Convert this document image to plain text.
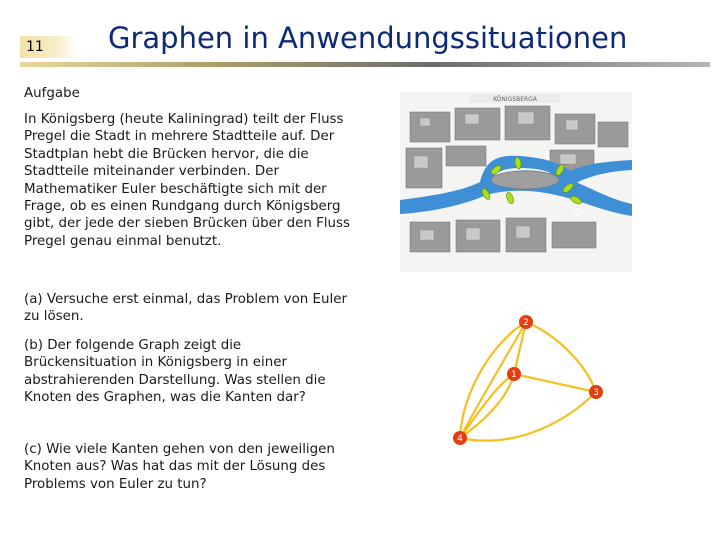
11	Graphen in Anwendungssituationen
Aufgabe
In Königsberg (heute Kaliningrad) teilt der Fluss Pregel die Stadt in mehrere Stadtteile auf. Der Stadtplan hebt die Brücken hervor, die die Stadtteile miteinander verbinden. Der Mathematiker Euler beschäftigte sich mit der Frage, ob es einen Rundgang durch Königsberg gibt, der jede der sieben Brücken über den Fluss Pregel genau einmal benutzt.
(a) Versuche erst einmal, das Problem von Euler zu lösen.
(b) Der folgende Graph zeigt die Brückensituation in Königsberg in einer abstrahierenden Darstellung. Was stellen die Knoten des Graphen, was die Kanten dar?
(c) Wie viele Kanten gehen von den jeweiligen Knoten aus? Was hat das mit der Lösung des Problems von Euler zu tun?
KÖNIGSBERGA
2
1
3
4
